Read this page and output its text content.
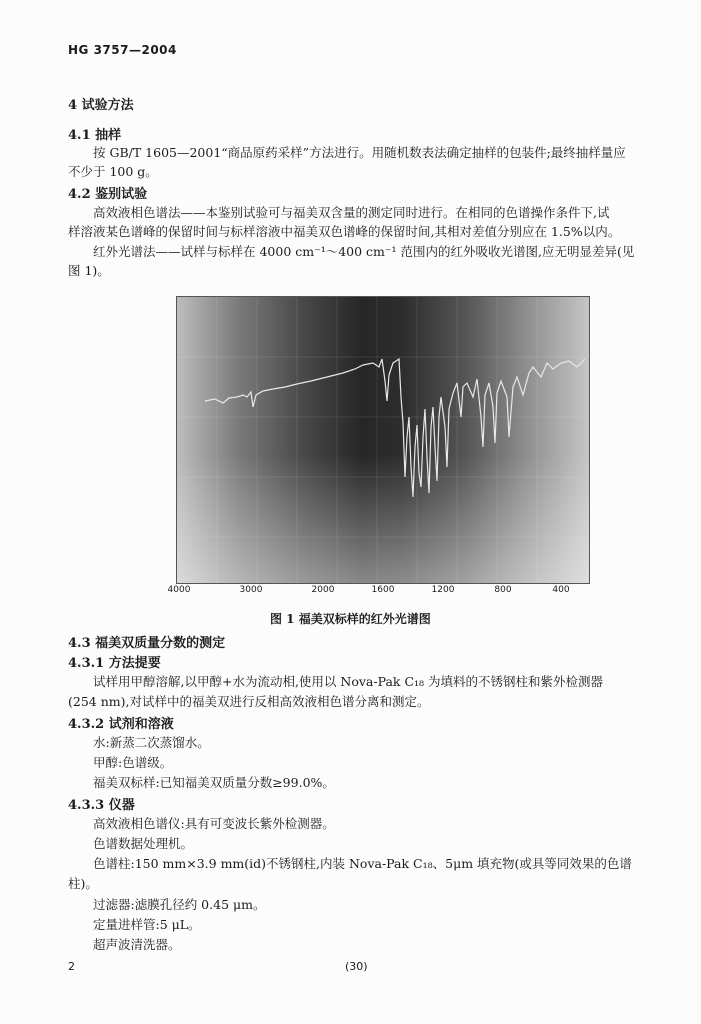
HG 3757—2004
4 试验方法
4.1 抽样
按 GB/T 1605—2001“商品原药采样”方法进行。用随机数表法确定抽样的包装件;最终抽样量应
不少于 100 g。
4.2 鉴别试验
高效液相色谱法——本鉴别试验可与福美双含量的测定同时进行。在相同的色谱操作条件下,试
样溶液某色谱峰的保留时间与标样溶液中福美双色谱峰的保留时间,其相对差值分别应在 1.5%以内。
红外光谱法——试样与标样在 4000 cm⁻¹～400 cm⁻¹ 范围内的红外吸收光谱图,应无明显差异(见
图 1)。
4000	3000	2000	1600	1200	800	400
图 1 福美双标样的红外光谱图
4.3 福美双质量分数的测定
4.3.1 方法提要
试样用甲醇溶解,以甲醇+水为流动相,使用以 Nova-Pak C₁₈ 为填料的不锈钢柱和紫外检测器
(254 nm),对试样中的福美双进行反相高效液相色谱分离和测定。
4.3.2 试剂和溶液
水:新蒸二次蒸馏水。
甲醇:色谱级。
福美双标样:已知福美双质量分数≥99.0%。
4.3.3 仪器
高效液相色谱仪:具有可变波长紫外检测器。
色谱数据处理机。
色谱柱:150 mm×3.9 mm(id)不锈钢柱,内装 Nova-Pak C₁₈、5μm 填充物(或具等同效果的色谱
柱)。
过滤器:滤膜孔径约 0.45 μm。
定量进样管:5 μL。
超声波清洗器。
2	(30)
